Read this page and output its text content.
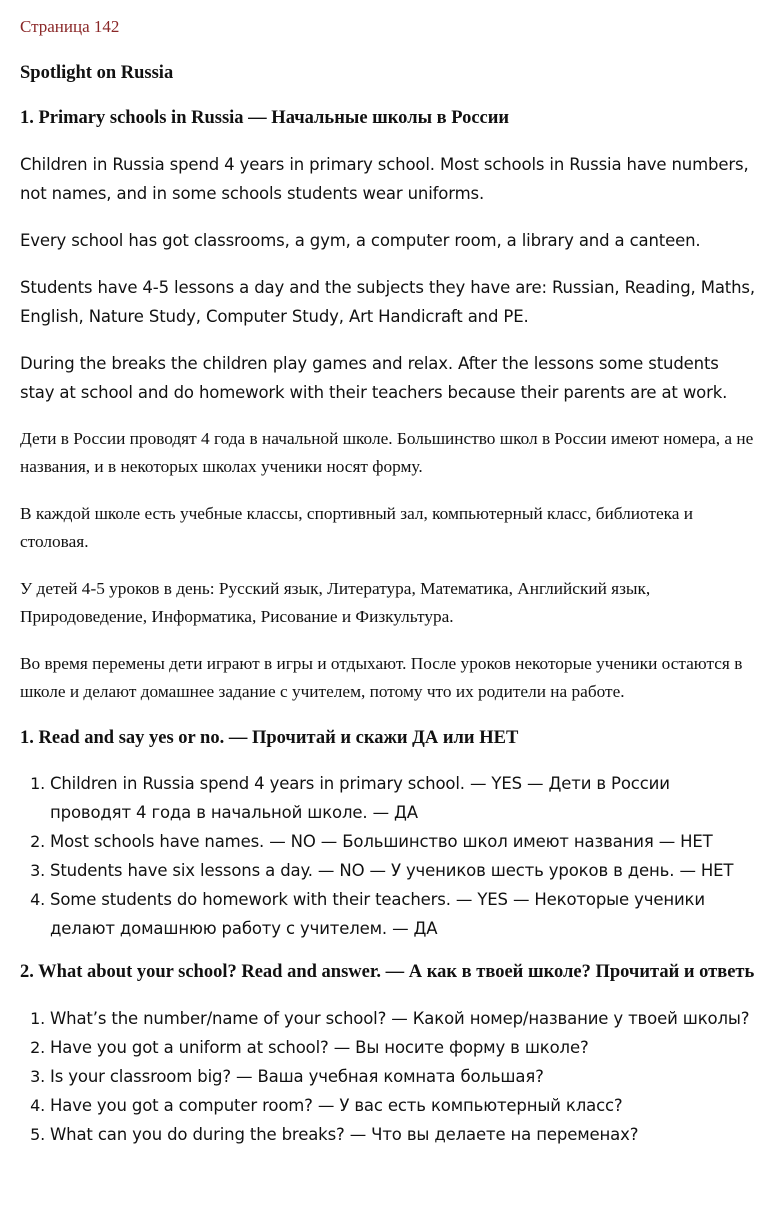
Страница 142
Spotlight on Russia
1. Primary schools in Russia — Начальные школы в России

Children in Russia spend 4 years in primary school. Most schools in Russia have numbers, not names, and in some schools students wear uniforms.

Every school has got classrooms, a gym, a computer room, a library and a canteen.

Students have 4-5 lessons a day and the subjects they have are: Russian, Reading, Maths, English, Nature Study, Computer Study, Art Handicraft and PE.

During the breaks the children play games and relax. After the lessons some students stay at school and do homework with their teachers because their parents are at work.

Дети в России проводят 4 года в начальной школе. Большинство школ в России имеют номера, а не названия, и в некоторых школах ученики носят форму.

В каждой школе есть учебные классы, спортивный зал, компьютерный класс, библиотека и столовая.

У детей 4-5 уроков в день: Русский язык, Литература, Математика, Английский язык, Природоведение, Информатика, Рисование и Физкультура.

Во время перемены дети играют в игры и отдыхают. После уроков некоторые ученики остаются в школе и делают домашнее задание с учителем, потому что их родители на работе.

1. Read and say yes or no. — Прочитай и скажи ДА или НЕТ
1. Children in Russia spend 4 years in primary school. — YES — Дети в России проводят 4 года в начальной школе. — ДА
2. Most schools have names. — NO — Большинство школ имеют названия — НЕТ
3. Students have six lessons a day. — NO — У учеников шесть уроков в день. — НЕТ
4. Some students do homework with their teachers. — YES — Некоторые ученики делают домашнюю работу с учителем. — ДА
2. What about your school? Read and answer. — А как в твоей школе? Прочитай и ответь
1. What’s the number/name of your school? — Какой номер/название у твоей школы?
2. Have you got a uniform at school? — Вы носите форму в школе?
3. Is your classroom big? — Ваша учебная комната большая?
4. Have you got a computer room? — У вас есть компьютерный класс?
5. What can you do during the breaks? — Что вы делаете на переменах?
